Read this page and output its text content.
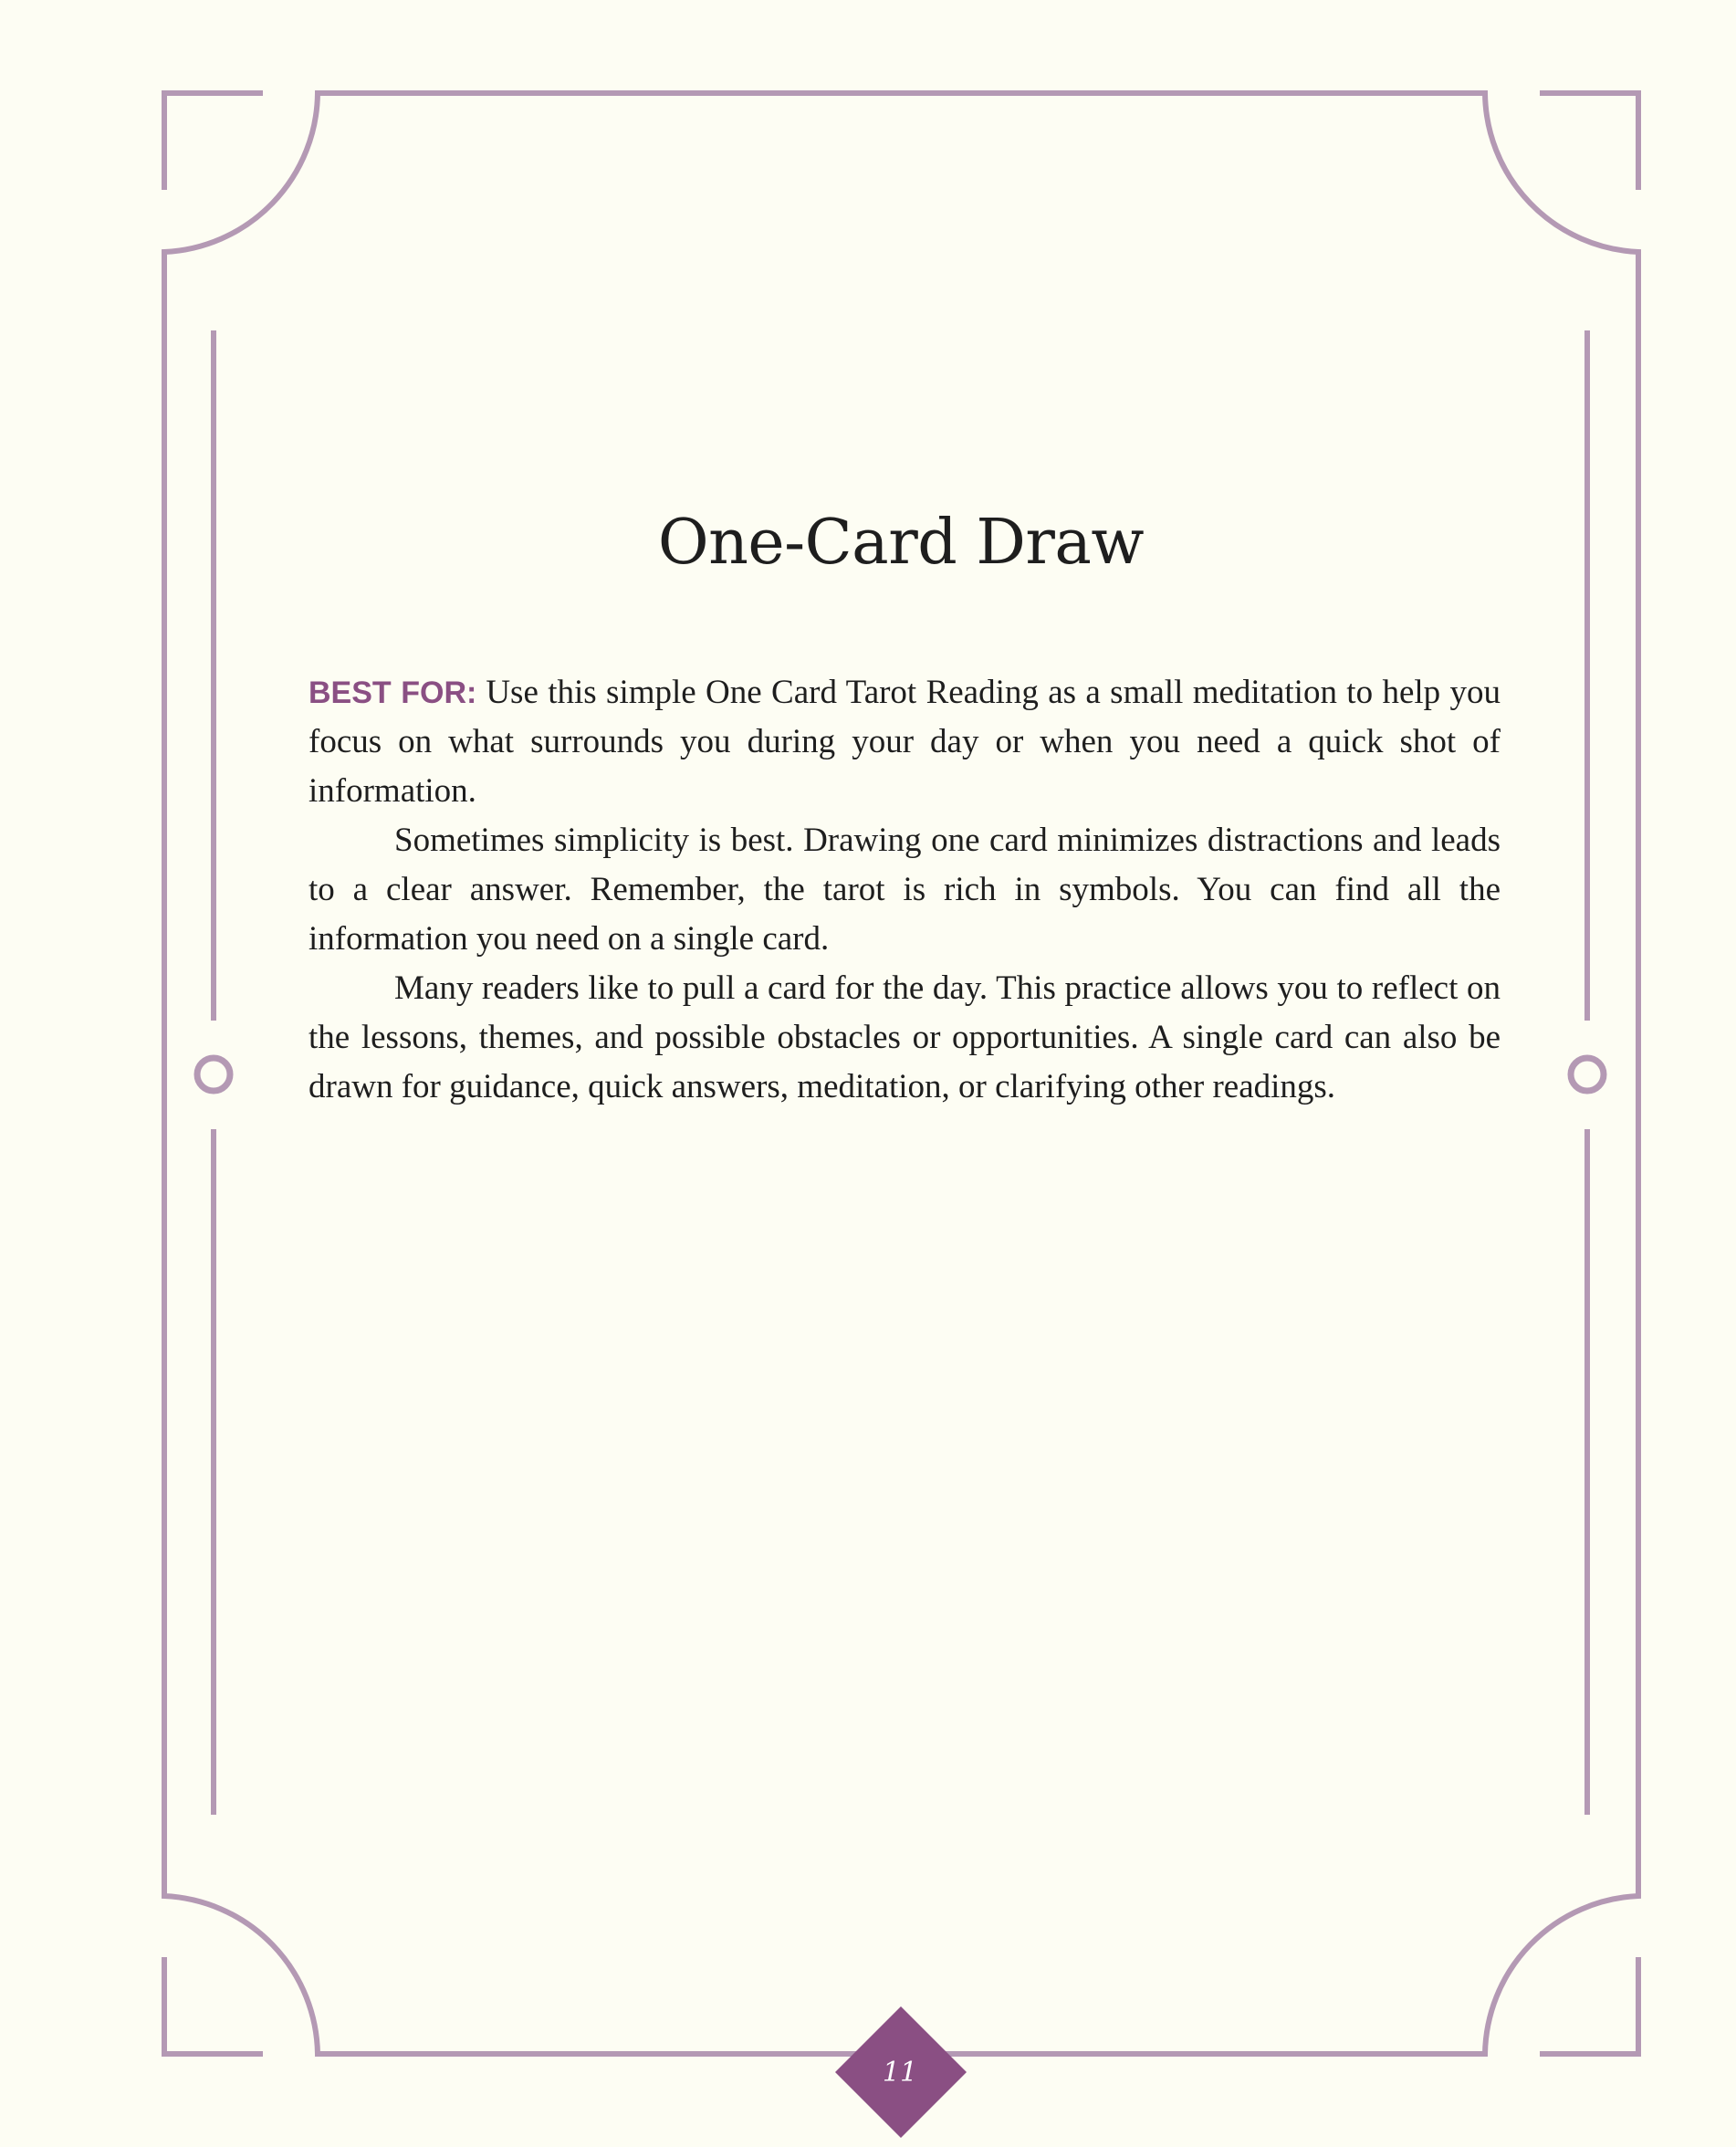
One-Card Draw

BEST FOR: Use this simple One Card Tarot Reading as a small meditation to help you focus on what surrounds you during your day or when you need a quick shot of information.

Sometimes simplicity is best. Drawing one card minimizes distractions and leads to a clear answer. Remember, the tarot is rich in symbols. You can find all the information you need on a single card.

Many readers like to pull a card for the day. This practice allows you to reflect on the lessons, themes, and possible obstacles or opportunities. A single card can also be drawn for guidance, quick answers, meditation, or clarifying other readings.

11
